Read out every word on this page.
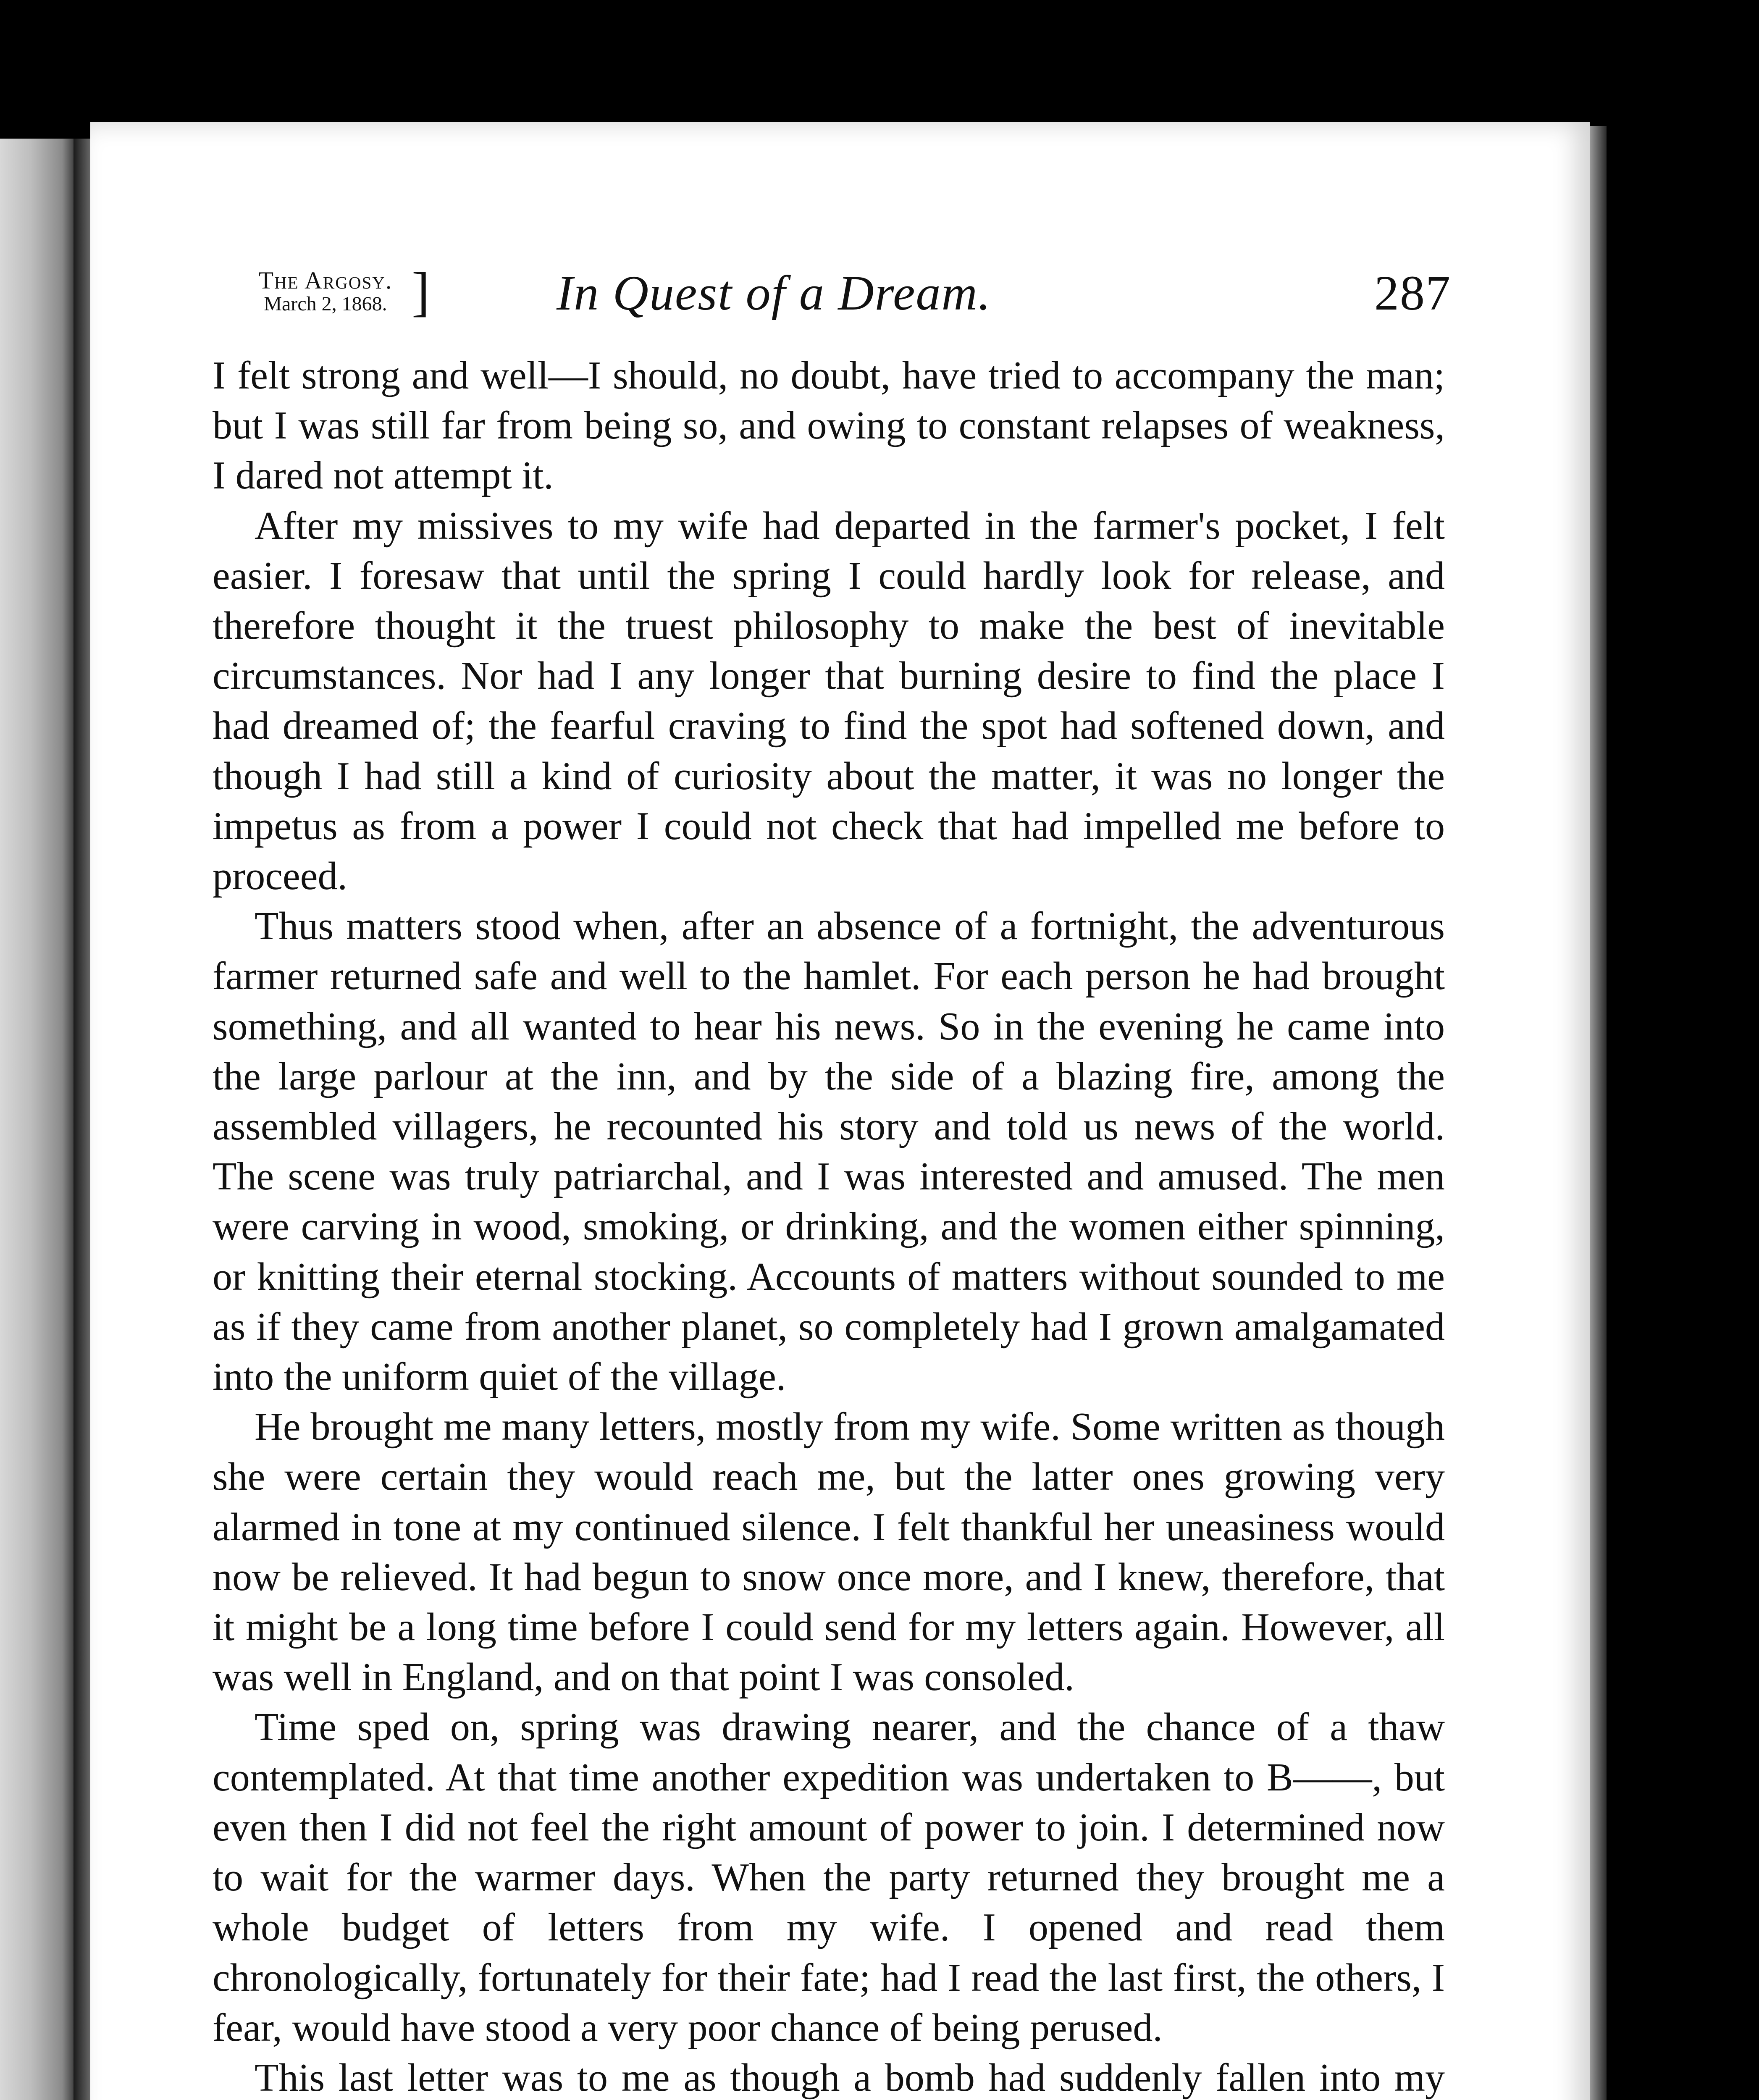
The Argosy.
March 2, 1868. ]	In Quest of a Dream.	287

I felt strong and well—I should, no doubt, have tried to accompany the man; but I was still far from being so, and owing to constant relapses of weakness, I dared not attempt it.

After my missives to my wife had departed in the farmer's pocket, I felt easier. I foresaw that until the spring I could hardly look for release, and therefore thought it the truest philosophy to make the best of inevitable circumstances. Nor had I any longer that burning desire to find the place I had dreamed of; the fearful craving to find the spot had softened down, and though I had still a kind of curiosity about the matter, it was no longer the impetus as from a power I could not check that had impelled me before to proceed.

Thus matters stood when, after an absence of a fortnight, the adventurous farmer returned safe and well to the hamlet. For each person he had brought something, and all wanted to hear his news. So in the evening he came into the large parlour at the inn, and by the side of a blazing fire, among the assembled villagers, he recounted his story and told us news of the world. The scene was truly patriarchal, and I was interested and amused. The men were carving in wood, smoking, or drinking, and the women either spinning, or knitting their eternal stocking. Accounts of matters without sounded to me as if they came from another planet, so completely had I grown amalgamated into the uniform quiet of the village.

He brought me many letters, mostly from my wife. Some written as though she were certain they would reach me, but the latter ones growing very alarmed in tone at my continued silence. I felt thankful her uneasiness would now be relieved. It had begun to snow once more, and I knew, therefore, that it might be a long time before I could send for my letters again. However, all was well in England, and on that point I was consoled.

Time sped on, spring was drawing nearer, and the chance of a thaw contemplated. At that time another expedition was undertaken to B——, but even then I did not feel the right amount of power to join. I determined now to wait for the warmer days. When the party returned they brought me a whole budget of letters from my wife. I opened and read them chronologically, fortunately for their fate; had I read the last first, the others, I fear, would have stood a very poor chance of being perused.

This last letter was to me as though a bomb had suddenly fallen into my
